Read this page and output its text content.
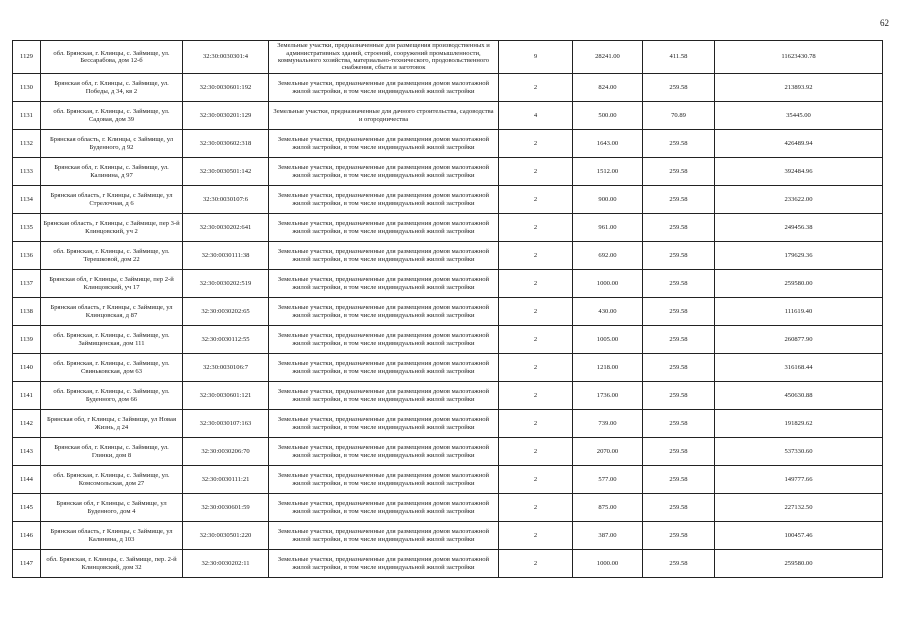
62
1129	обл. Брянская, г. Клинцы, с. Займище, ул. Бессарабова, дом 12-б	32:30:0030301:4	Земельные участки, предназначенные для размещения производственных и административных зданий, строений, сооружений промышленности, коммунального хозяйства, материально-технического, продовольственного снабжения, сбыта и заготовок	9	28241.00	411.58	11623430.78
1130	Брянская обл, г. Клинцы, с. Займище, ул. Победы, д 34, кв 2	32:30:0030601:192	Земельные участки, предназначенные для размещения домов малоэтажной жилой застройки, в том числе индивидуальной жилой застройки	2	824.00	259.58	213893.92
1131	обл. Брянская, г. Клинцы, с. Займище, ул. Садовая, дом 39	32:30:0030201:129	Земельные участки, предназначенные для дачного строительства, садоводства и огородничества	4	500.00	70.89	35445.00
1132	Брянская область, г. Клинцы, с Займище, ул Буденного, д 92	32:30:0030602:318	Земельные участки, предназначенные для размещения домов малоэтажной жилой застройки, в том числе индивидуальной жилой застройки	2	1643.00	259.58	426489.94
1133	Брянская обл, г. Клинцы, с. Займище, ул. Калинина, д 97	32:30:0030501:142	Земельные участки, предназначенные для размещения домов малоэтажной жилой застройки, в том числе индивидуальной жилой застройки	2	1512.00	259.58	392484.96
1134	Брянская область, г Клинцы, с Займище, ул Стрелочная, д 6	32:30:0030107:6	Земельные участки, предназначенные для размещения домов малоэтажной жилой застройки, в том числе индивидуальной жилой застройки	2	900.00	259.58	233622.00
1135	Брянская область, г Клинцы, с Займище, пер 3-й Клинцовский, уч 2	32:30:0030202:641	Земельные участки, предназначенные для размещения домов малоэтажной жилой застройки, в том числе индивидуальной жилой застройки	2	961.00	259.58	249456.38
1136	обл. Брянская, г. Клинцы, с. Займище, ул. Терешковой, дом 22	32:30:0030111:38	Земельные участки, предназначенные для размещения домов малоэтажной жилой застройки, в том числе индивидуальной жилой застройки	2	692.00	259.58	179629.36
1137	Брянская обл, г Клинцы, с Займище, пер 2-й Клинцовский, уч 17	32:30:0030202:519	Земельные участки, предназначенные для размещения домов малоэтажной жилой застройки, в том числе индивидуальной жилой застройки	2	1000.00	259.58	259580.00
1138	Брянская область, г Клинцы, с Займище, ул Клинцовская, д 87	32:30:0030202:65	Земельные участки, предназначенные для размещения домов малоэтажной жилой застройки, в том числе индивидуальной жилой застройки	2	430.00	259.58	111619.40
1139	обл. Брянская, г. Клинцы, с. Займище, ул. Займищенская, дом 111	32:30:0030112:55	Земельные участки, предназначенные для размещения домов малоэтажной жилой застройки, в том числе индивидуальной жилой застройки	2	1005.00	259.58	260877.90
1140	обл. Брянская, г. Клинцы, с. Займище, ул. Свиньковская, дом 63	32:30:0030106:7	Земельные участки, предназначенные для размещения домов малоэтажной жилой застройки, в том числе индивидуальной жилой застройки	2	1218.00	259.58	316168.44
1141	обл. Брянская, г. Клинцы, с. Займище, ул. Буденного, дом 66	32:30:0030601:121	Земельные участки, предназначенные для размещения домов малоэтажной жилой застройки, в том числе индивидуальной жилой застройки	2	1736.00	259.58	450630.88
1142	Брянская обл, г Клинцы, с Займище, ул Новая Жизнь, д 24	32:30:0030107:163	Земельные участки, предназначенные для размещения домов малоэтажной жилой застройки, в том числе индивидуальной жилой застройки	2	739.00	259.58	191829.62
1143	Брянская обл, г. Клинцы, с. Займище, ул. Глинки, дом 8	32:30:0030206:70	Земельные участки, предназначенные для размещения домов малоэтажной жилой застройки, в том числе индивидуальной жилой застройки	2	2070.00	259.58	537330.60
1144	обл. Брянская, г. Клинцы, с. Займище, ул. Комсомольская, дом 27	32:30:0030111:21	Земельные участки, предназначенные для размещения домов малоэтажной жилой застройки, в том числе индивидуальной жилой застройки	2	577.00	259.58	149777.66
1145	Брянская обл, г Клинцы, с Займище, ул Буденного, дом 4	32:30:0030601:59	Земельные участки, предназначенные для размещения домов малоэтажной жилой застройки, в том числе индивидуальной жилой застройки	2	875.00	259.58	227132.50
1146	Брянская область, г Клинцы, с Займище, ул Калинина, д 103	32:30:0030501:220	Земельные участки, предназначенные для размещения домов малоэтажной жилой застройки, в том числе индивидуальной жилой застройки	2	387.00	259.58	100457.46
1147	обл. Брянская, г. Клинцы, с. Займище, пер. 2-й Клинцовский, дом 32	32:30:0030202:11	Земельные участки, предназначенные для размещения домов малоэтажной жилой застройки, в том числе индивидуальной жилой застройки	2	1000.00	259.58	259580.00
